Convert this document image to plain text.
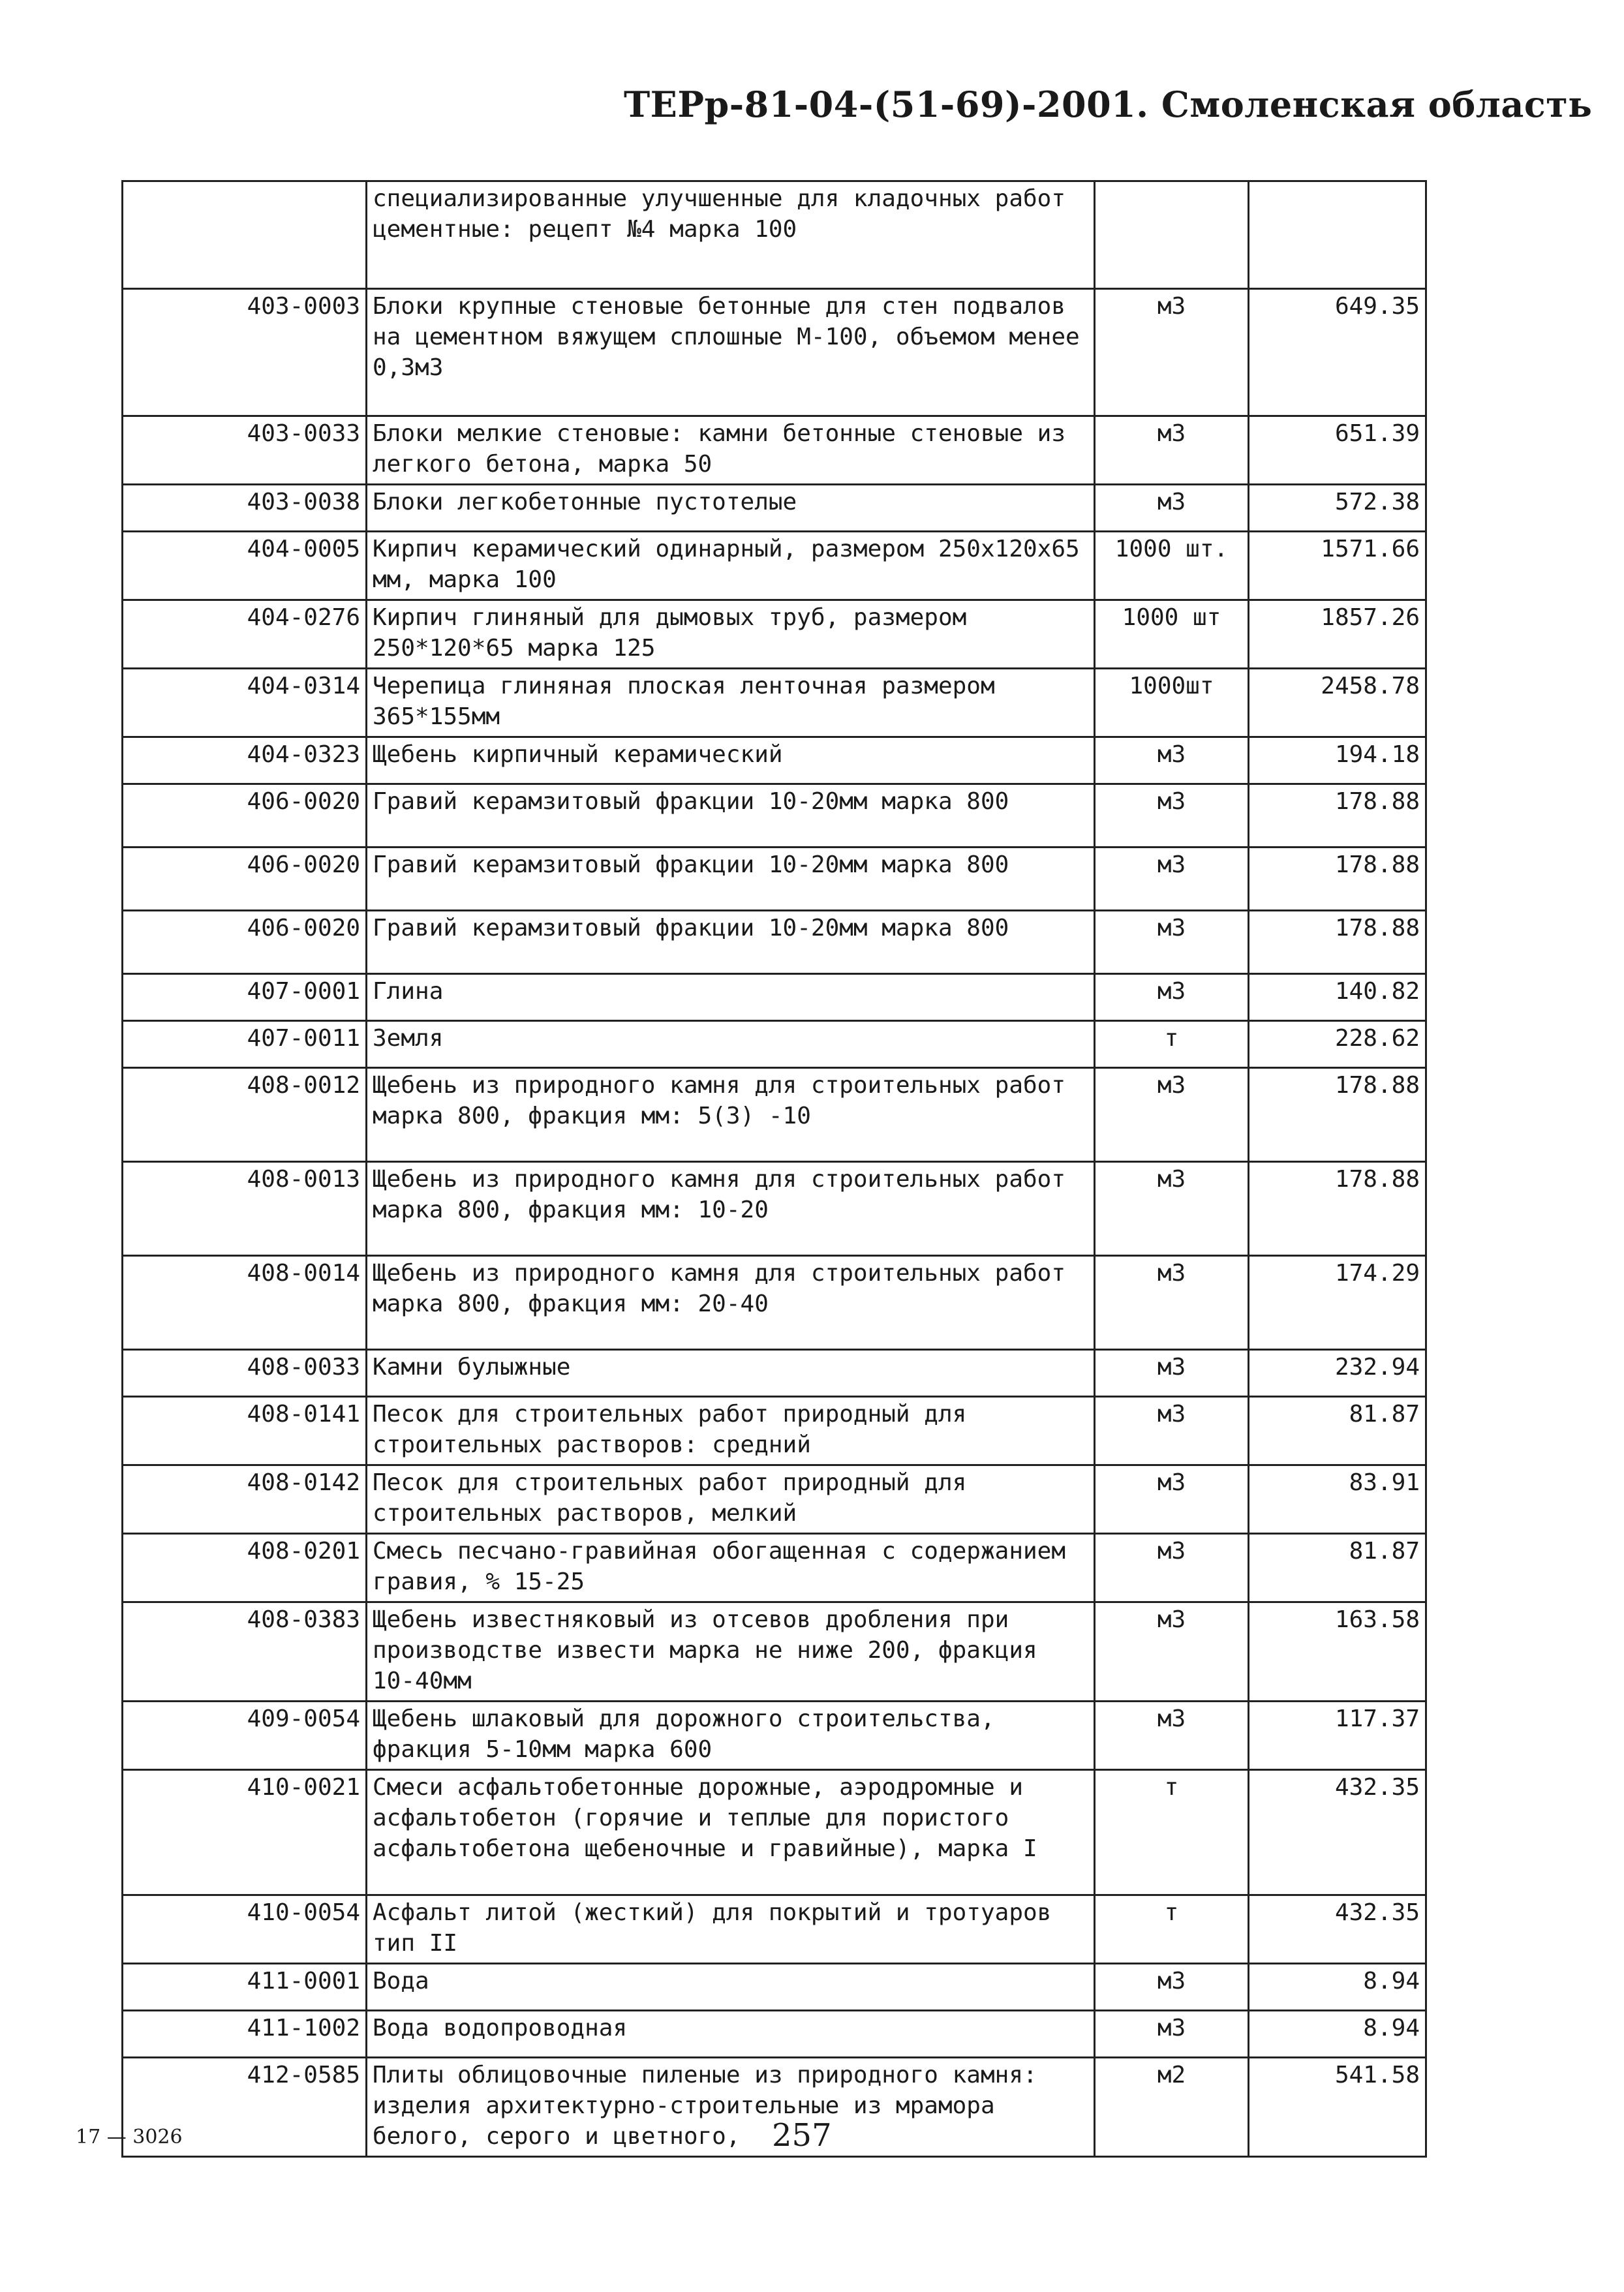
ТЕРр-81-04-(51-69)-2001. Смоленская область
	специализированные улучшенные для кладочных работ цементные: рецепт №4 марка 100		
403-0003	Блоки крупные стеновые бетонные для стен подвалов на цементном вяжущем сплошные М-100, объемом менее 0,3м3	м3	649.35
403-0033	Блоки мелкие стеновые: камни бетонные стеновые из легкого бетона, марка 50	м3	651.39
403-0038	Блоки легкобетонные пустотелые	м3	572.38
404-0005	Кирпич керамический одинарный, размером 250х120х65 мм, марка 100	1000 шт.	1571.66
404-0276	Кирпич глиняный для дымовых труб, размером 250*120*65 марка 125	1000 шт	1857.26
404-0314	Черепица глиняная плоская ленточная размером 365*155мм	1000шт	2458.78
404-0323	Щебень кирпичный керамический	м3	194.18
406-0020	Гравий керамзитовый фракции 10-20мм марка 800	м3	178.88
406-0020	Гравий керамзитовый фракции 10-20мм марка 800	м3	178.88
406-0020	Гравий керамзитовый фракции 10-20мм марка 800	м3	178.88
407-0001	Глина	м3	140.82
407-0011	Земля	т	228.62
408-0012	Щебень из природного камня для строительных работ марка 800, фракция мм: 5(3) -10	м3	178.88
408-0013	Щебень из природного камня для строительных работ марка 800, фракция мм: 10-20	м3	178.88
408-0014	Щебень из природного камня для строительных работ марка 800, фракция мм: 20-40	м3	174.29
408-0033	Камни булыжные	м3	232.94
408-0141	Песок для строительных работ природный для строительных растворов: средний	м3	81.87
408-0142	Песок для строительных работ природный для строительных растворов, мелкий	м3	83.91
408-0201	Смесь песчано-гравийная обогащенная с содержанием гравия, % 15-25	м3	81.87
408-0383	Щебень известняковый из отсевов дробления при производстве извести марка не ниже 200, фракция 10-40мм	м3	163.58
409-0054	Щебень шлаковый для дорожного строительства, фракция 5-10мм марка 600	м3	117.37
410-0021	Смеси асфальтобетонные дорожные, аэродромные и асфальтобетон (горячие и теплые для пористого асфальтобетона щебеночные и гравийные), марка I	т	432.35
410-0054	Асфальт литой (жесткий) для покрытий и тротуаров тип II	т	432.35
411-0001	Вода	м3	8.94
411-1002	Вода водопроводная	м3	8.94
412-0585	Плиты облицовочные пиленые из природного камня: изделия архитектурно-строительные из мрамора белого, серого и цветного,	м2	541.58
17 — 3026	257
